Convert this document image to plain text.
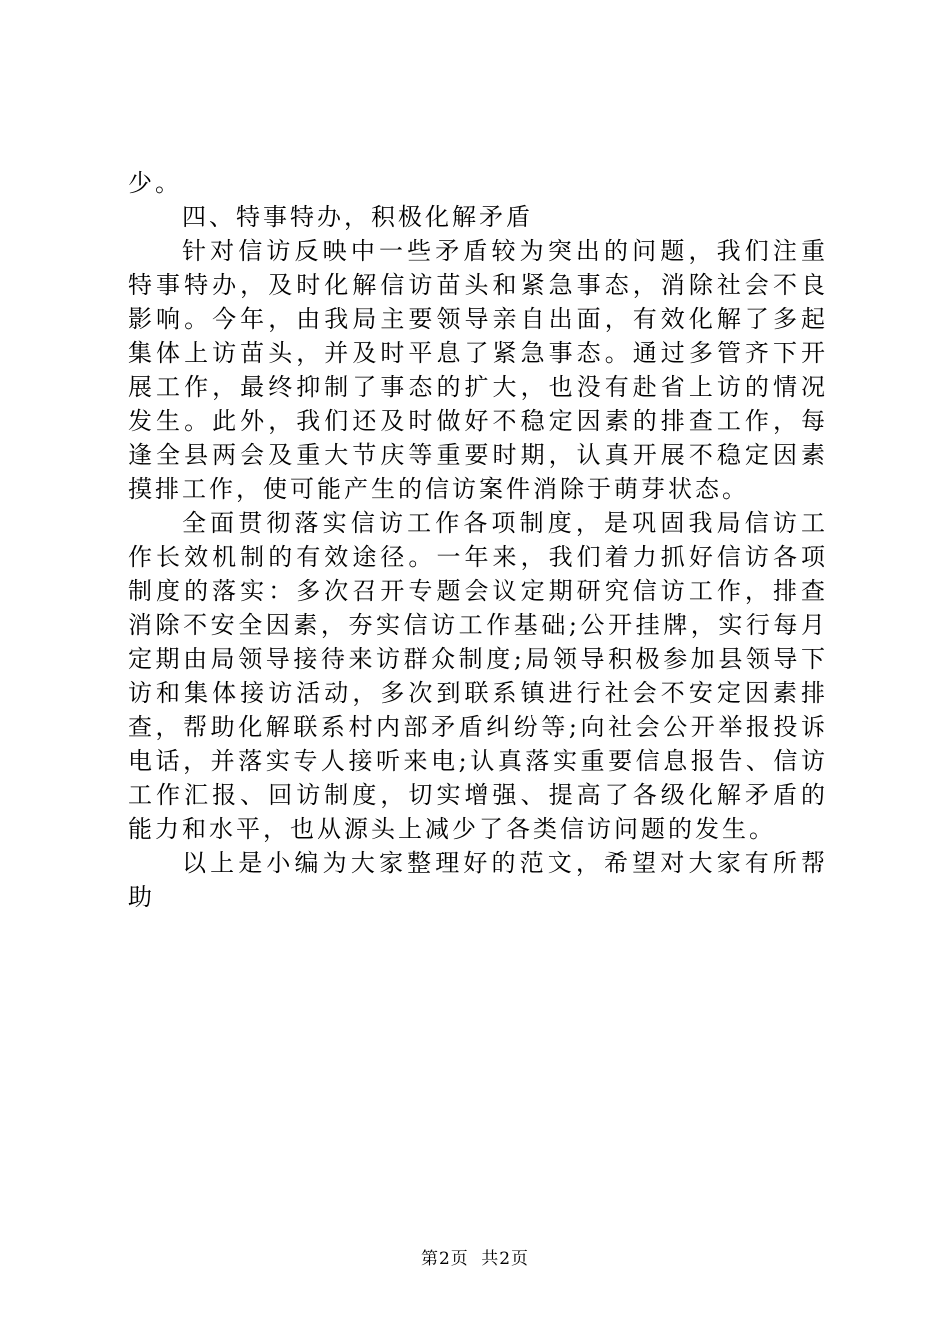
少。

四、特事特办，积极化解矛盾

针对信访反映中一些矛盾较为突出的问题，我们注重特事特办，及时化解信访苗头和紧急事态，消除社会不良影响。今年，由我局主要领导亲自出面，有效化解了多起集体上访苗头，并及时平息了紧急事态。通过多管齐下开展工作，最终抑制了事态的扩大，也没有赴省上访的情况发生。此外，我们还及时做好不稳定因素的排查工作，每逢全县两会及重大节庆等重要时期，认真开展不稳定因素摸排工作，使可能产生的信访案件消除于萌芽状态。

全面贯彻落实信访工作各项制度，是巩固我局信访工作长效机制的有效途径。一年来，我们着力抓好信访各项制度的落实：多次召开专题会议定期研究信访工作，排查消除不安全因素，夯实信访工作基础;公开挂牌，实行每月定期由局领导接待来访群众制度;局领导积极参加县领导下访和集体接访活动，多次到联系镇进行社会不安定因素排查，帮助化解联系村内部矛盾纠纷等;向社会公开举报投诉电话，并落实专人接听来电;认真落实重要信息报告、信访工作汇报、回访制度，切实增强、提高了各级化解矛盾的能力和水平，也从源头上减少了各类信访问题的发生。

以上是小编为大家整理好的范文，希望对大家有所帮助

第2页 共2页
